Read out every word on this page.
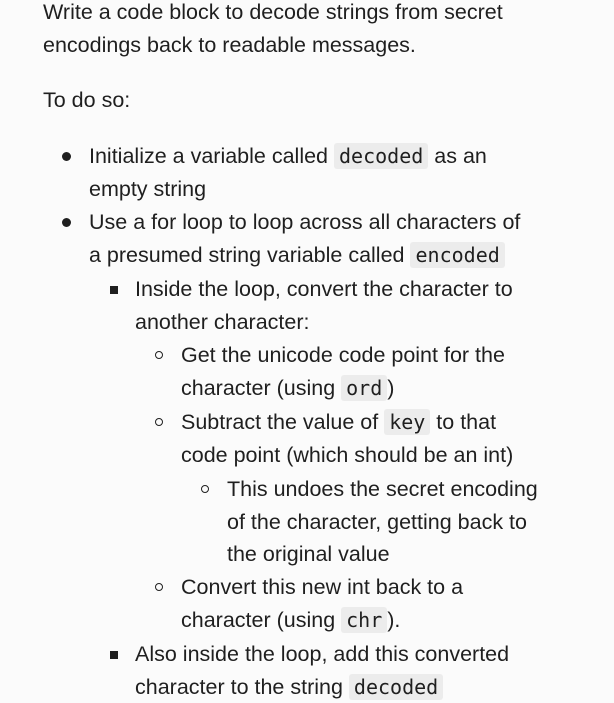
Write a code block to decode strings from secret
encodings back to readable messages.

To do so:

Initialize a variable called decoded as an
empty string
Use a for loop to loop across all characters of
a presumed string variable called encoded
Inside the loop, convert the character to
another character:
Get the unicode code point for the
character (using ord )
Subtract the value of key to that
code point (which should be an int)
This undoes the secret encoding
of the character, getting back to
the original value
Convert this new int back to a
character (using chr ).
Also inside the loop, add this converted
character to the string decoded
